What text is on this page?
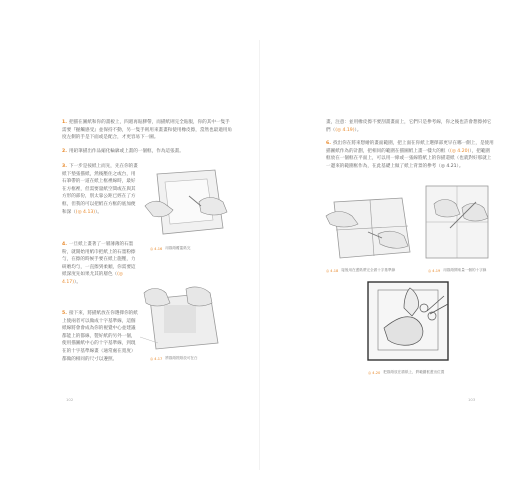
1. 把描在圖紙和你的畫板上，四週再貼膠帶，而描紙則完全貼服，你的其中一隻手需要『握觸感受』並保持不動，另一隻手則用來畫畫和使用橡皮擦，當然也最適用角度左側的手是下面或是配合，才更容易下一圖。
2. 用鉛筆描出作品縮化輪廓或上畫的一個框，作為這張畫。
3. 下一步是按紙上而先，先在你的畫紙下墊張描紙，然後壓住之或台，用石筆帶的一道在紙上框裡線時，最好在方框裡，但需要量紙空間或在與其方形的部份，別太靠公距已經在了方框，但我的可以把紙在方框的底加便和深（(◎ 4.13)）。
4. 一旦紙上畫著了一層薄薄的石墨粉，就開始用紙巾把紙上的石墨粉擦勻，在擦的時候手要在紙上施壓，力研磨均勻，一直擦到柔順，你需要這紙深度先如果尤其的層色（(◎ 4.17)）。
5. 接下來，將描紙放在你選擇你的紙上使兩者可以做成十字基準線，這個紙線將會會成為你的視覺中心並建議都能上的都線，製好紙的另外一個，使用描圖紙中心的十字基準線，到現在的十字基準線畫（通常處在寬度）都做的相同的尺寸以遵照。
◎ 4.16 用描紙覆蓋紙完
◎ 4.17 將描紙擦紙放可在白
102
畫，注意：並用橡皮擦不要刮畫畫面上，它們只是參考線，你之後也許會想擦掉它們（(◎ 4.19)）。
6. 找出你在將來想繪的畫面範圍，把上面在你紙上選擇部更早在哪一側上，是使用描圖紙作為的計劃，把相同的範圍在描圖紙上畫一樣大的框（(◎ 4.20)），把範圍框放在一個框在平面上，可以用一條或一張線將紙上的你描還紙（也就對好那就上一邊來的範圍框作為，在此基礎上做了紙上背景的參考（◎ 4.21）。
◎ 4.18 接後用在畫紙將完全做十字基準線	◎ 4.19 用描紙開來量一個的十字線
◎ 4.20 把描紙放在描紙上，將範圍框畫出位置
103
